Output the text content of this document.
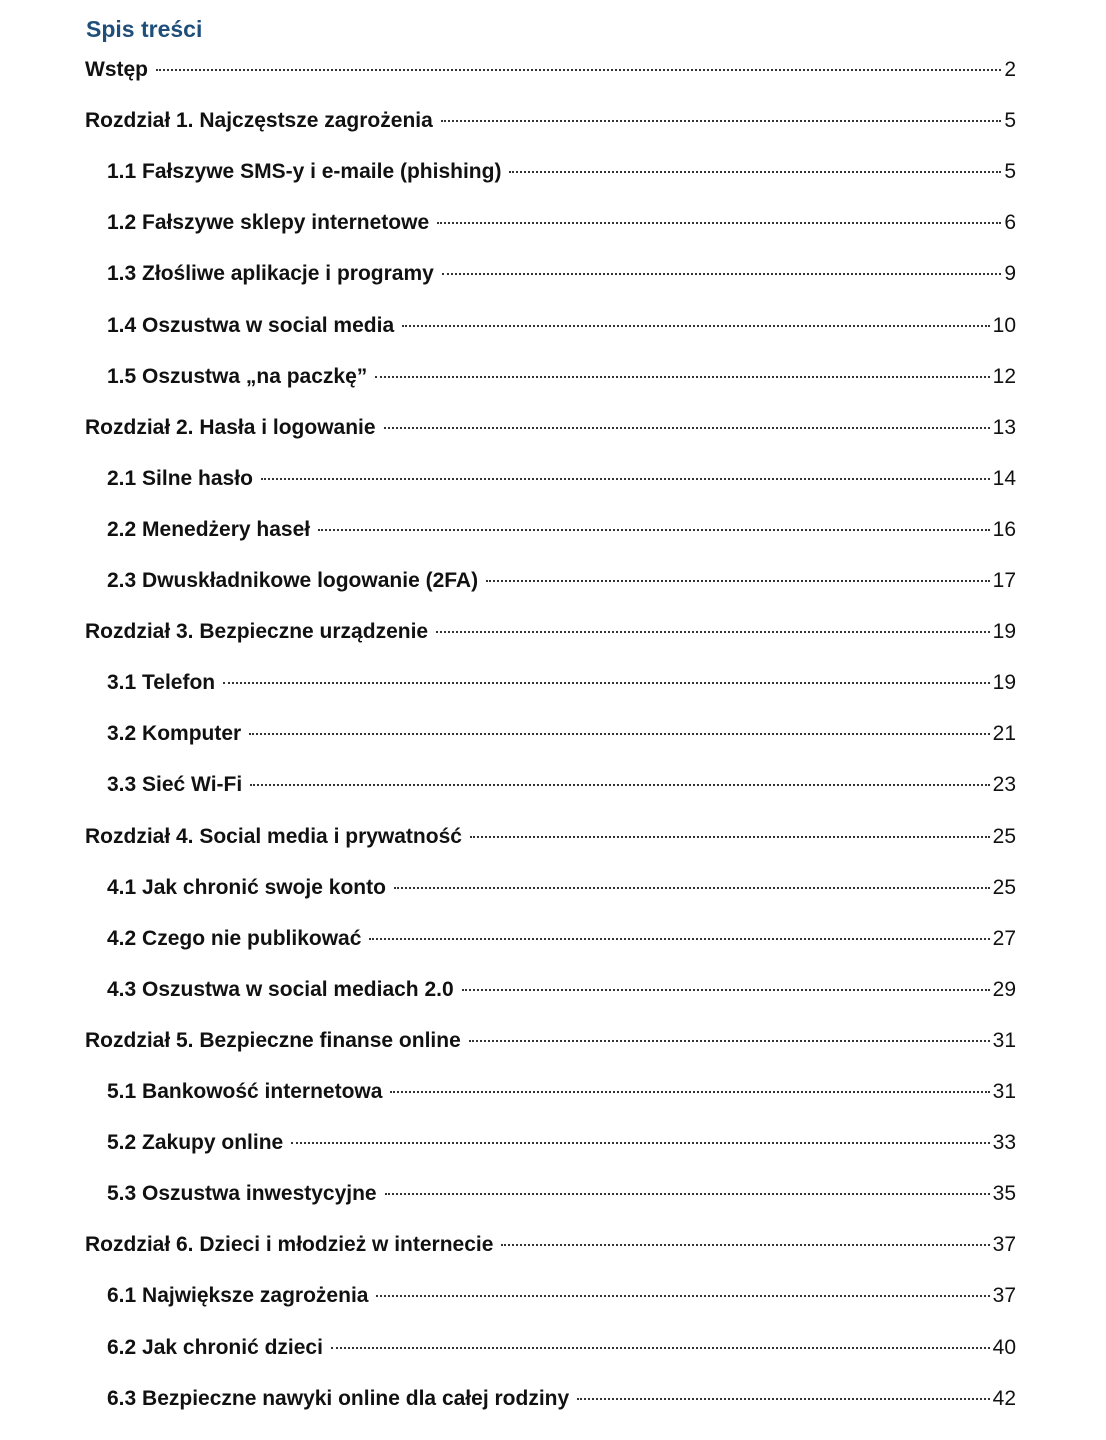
Spis treści
Wstęp	2
Rozdział 1. Najczęstsze zagrożenia	5
1.1 Fałszywe SMS-y i e-maile (phishing)	5
1.2 Fałszywe sklepy internetowe	6
1.3 Złośliwe aplikacje i programy	9
1.4 Oszustwa w social media	10
1.5 Oszustwa „na paczkę”	12
Rozdział 2. Hasła i logowanie	13
2.1 Silne hasło	14
2.2 Menedżery haseł	16
2.3 Dwuskładnikowe logowanie (2FA)	17
Rozdział 3. Bezpieczne urządzenie	19
3.1 Telefon	19
3.2 Komputer	21
3.3 Sieć Wi-Fi	23
Rozdział 4. Social media i prywatność	25
4.1 Jak chronić swoje konto	25
4.2 Czego nie publikować	27
4.3 Oszustwa w social mediach 2.0	29
Rozdział 5. Bezpieczne finanse online	31
5.1 Bankowość internetowa	31
5.2 Zakupy online	33
5.3 Oszustwa inwestycyjne	35
Rozdział 6. Dzieci i młodzież w internecie	37
6.1 Największe zagrożenia	37
6.2 Jak chronić dzieci	40
6.3 Bezpieczne nawyki online dla całej rodziny	42
